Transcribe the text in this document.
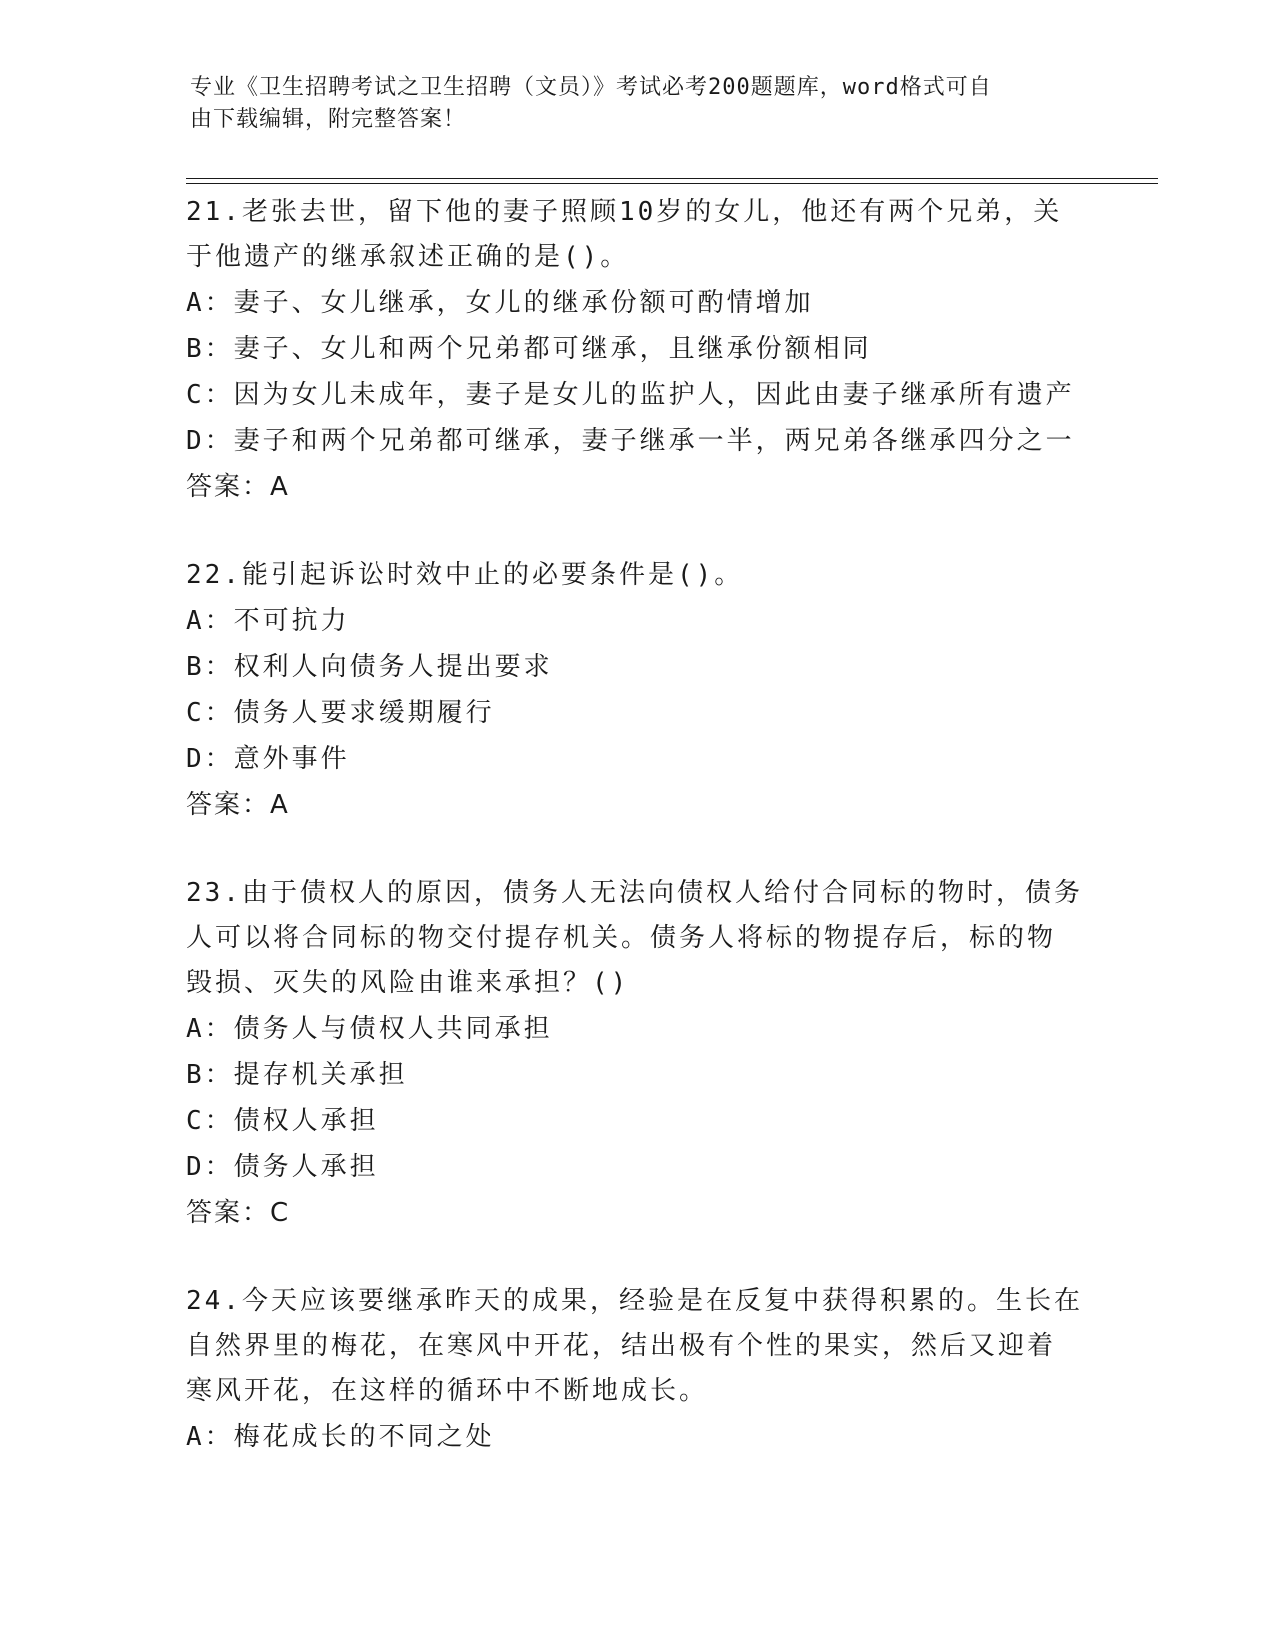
专业《卫生招聘考试之卫生招聘（文员）》考试必考200题题库，word格式可自
由下载编辑，附完整答案！
21.老张去世，留下他的妻子照顾10岁的女儿，他还有两个兄弟，关
于他遗产的继承叙述正确的是()。
A：妻子、女儿继承，女儿的继承份额可酌情增加
B：妻子、女儿和两个兄弟都可继承，且继承份额相同
C：因为女儿未成年，妻子是女儿的监护人，因此由妻子继承所有遗产
D：妻子和两个兄弟都可继承，妻子继承一半，两兄弟各继承四分之一
答案：A
22.能引起诉讼时效中止的必要条件是()。
A：不可抗力
B：权利人向债务人提出要求
C：债务人要求缓期履行
D：意外事件
答案：A
23.由于债权人的原因，债务人无法向债权人给付合同标的物时，债务
人可以将合同标的物交付提存机关。债务人将标的物提存后，标的物
毁损、灭失的风险由谁来承担？()
A：债务人与债权人共同承担
B：提存机关承担
C：债权人承担
D：债务人承担
答案：C
24.今天应该要继承昨天的成果，经验是在反复中获得积累的。生长在
自然界里的梅花，在寒风中开花，结出极有个性的果实，然后又迎着
寒风开花，在这样的循环中不断地成长。
A：梅花成长的不同之处
